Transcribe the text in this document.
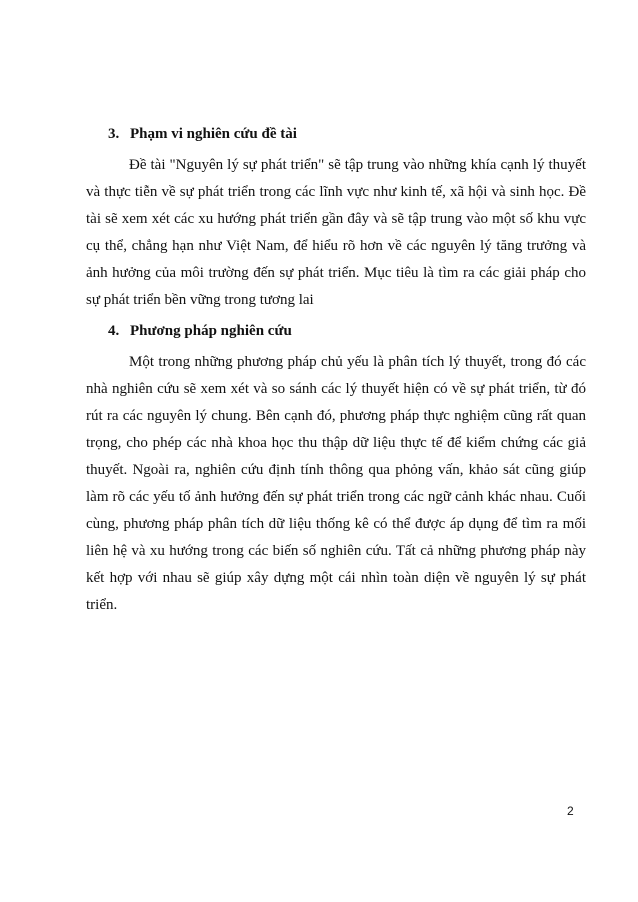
3. Phạm vi nghiên cứu đề tài

Đề tài "Nguyên lý sự phát triển" sẽ tập trung vào những khía cạnh lý thuyết và thực tiễn về sự phát triển trong các lĩnh vực như kinh tế, xã hội và sinh học. Đề tài sẽ xem xét các xu hướng phát triển gần đây và sẽ tập trung vào một số khu vực cụ thể, chẳng hạn như Việt Nam, để hiểu rõ hơn về các nguyên lý tăng trưởng và ảnh hưởng của môi trường đến sự phát triển. Mục tiêu là tìm ra các giải pháp cho sự phát triển bền vững trong tương lai

4. Phương pháp nghiên cứu

Một trong những phương pháp chủ yếu là phân tích lý thuyết, trong đó các nhà nghiên cứu sẽ xem xét và so sánh các lý thuyết hiện có về sự phát triển, từ đó rút ra các nguyên lý chung. Bên cạnh đó, phương pháp thực nghiệm cũng rất quan trọng, cho phép các nhà khoa học thu thập dữ liệu thực tế để kiểm chứng các giả thuyết. Ngoài ra, nghiên cứu định tính thông qua phỏng vấn, khảo sát cũng giúp làm rõ các yếu tố ảnh hưởng đến sự phát triển trong các ngữ cảnh khác nhau. Cuối cùng, phương pháp phân tích dữ liệu thống kê có thể được áp dụng để tìm ra mối liên hệ và xu hướng trong các biến số nghiên cứu. Tất cả những phương pháp này kết hợp với nhau sẽ giúp xây dựng một cái nhìn toàn diện về nguyên lý sự phát triển.

2
